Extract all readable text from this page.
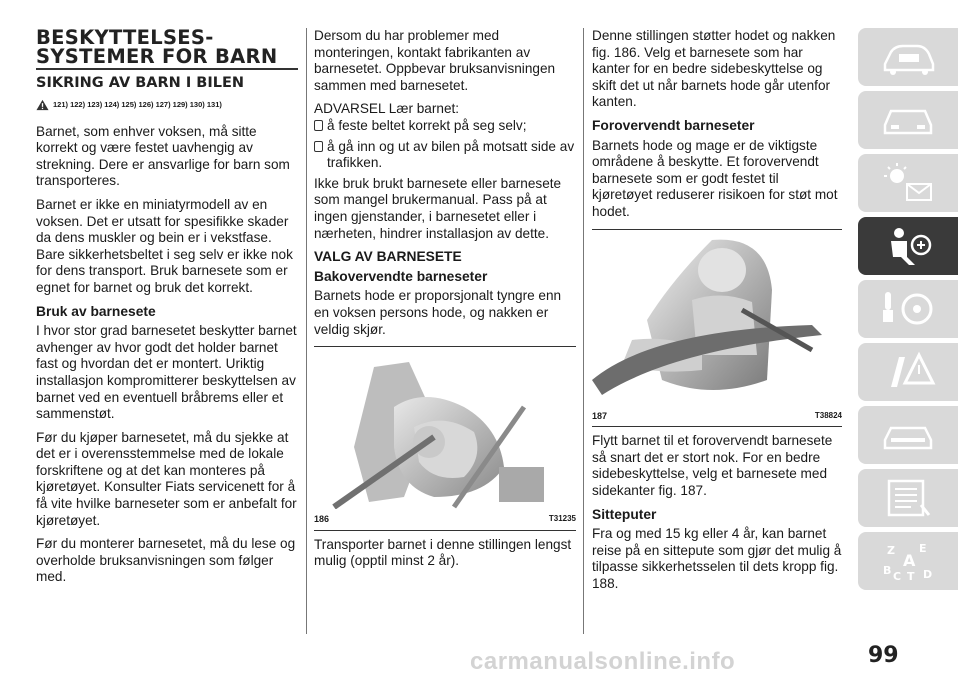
BESKYTTELSES-SYSTEMER FOR BARN
SIKRING AV BARN I BILEN
121) 122) 123) 124) 125) 126) 127) 129) 130) 131)

Barnet, som enhver voksen, må sitte korrekt og være festet uavhengig av strekning. Dere er ansvarlige for barn som transporteres.

Barnet er ikke en miniatyrmodell av en voksen. Det er utsatt for spesifikke skader da dens muskler og bein er i vekstfase. Bare sikkerhetsbeltet i seg selv er ikke nok for dens transport. Bruk barnesete som er egnet for barnet og bruk det korrekt.

Bruk av barnesete

I hvor stor grad barnesetet beskytter barnet avhenger av hvor godt det holder barnet fast og hvordan det er montert. Uriktig installasjon kompromitterer beskyttelsen av barnet ved en eventuell bråbrems eller et sammenstøt.

Før du kjøper barnesetet, må du sjekke at det er i overensstemmelse med de lokale forskriftene og at det kan monteres på kjøretøyet. Konsulter Fiats servicenett for å få vite hvilke barneseter som er anbefalt for kjøretøyet.

Før du monterer barnesetet, må du lese og overholde bruksanvisningen som følger med.

Dersom du har problemer med monteringen, kontakt fabrikanten av barnesetet. Oppbevar bruksanvisningen sammen med barnesetet.

ADVARSEL Lær barnet:
å feste beltet korrekt på seg selv;
å gå inn og ut av bilen på motsatt side av trafikken.

Ikke bruk brukt barnesete eller barnesete som mangel brukermanual. Pass på at ingen gjenstander, i barnesetet eller i nærheten, hindrer installasjon av dette.

VALG AV BARNESETE
Bakovervendte barneseter

Barnets hode er proporsjonalt tyngre enn en voksen persons hode, og nakken er veldig skjør.

186	T31235

Transporter barnet i denne stillingen lengst mulig (opptil minst 2 år).

Denne stillingen støtter hodet og nakken fig. 186. Velg et barnesete som har kanter for en bedre sidebeskyttelse og skift det ut når barnets hode går utenfor kanten.

Forovervendt barneseter

Barnets hode og mage er de viktigste områdene å beskytte. Et forovervendt barnesete som er godt festet til kjøretøyet reduserer risikoen for støt mot hodet.

187	T38824

Flytt barnet til et forovervendt barnesete så snart det er stort nok. For en bedre sidebeskyttelse, velg et barnesete med sidekanter fig. 187.

Sitteputer

Fra og med 15 kg eller 4 år, kan barnet reise på en sittepute som gjør det mulig å tilpasse sikkerhetsselen til dets kropp fig. 188.

Z E
A
B C T D
99
carmanualsonline.info
